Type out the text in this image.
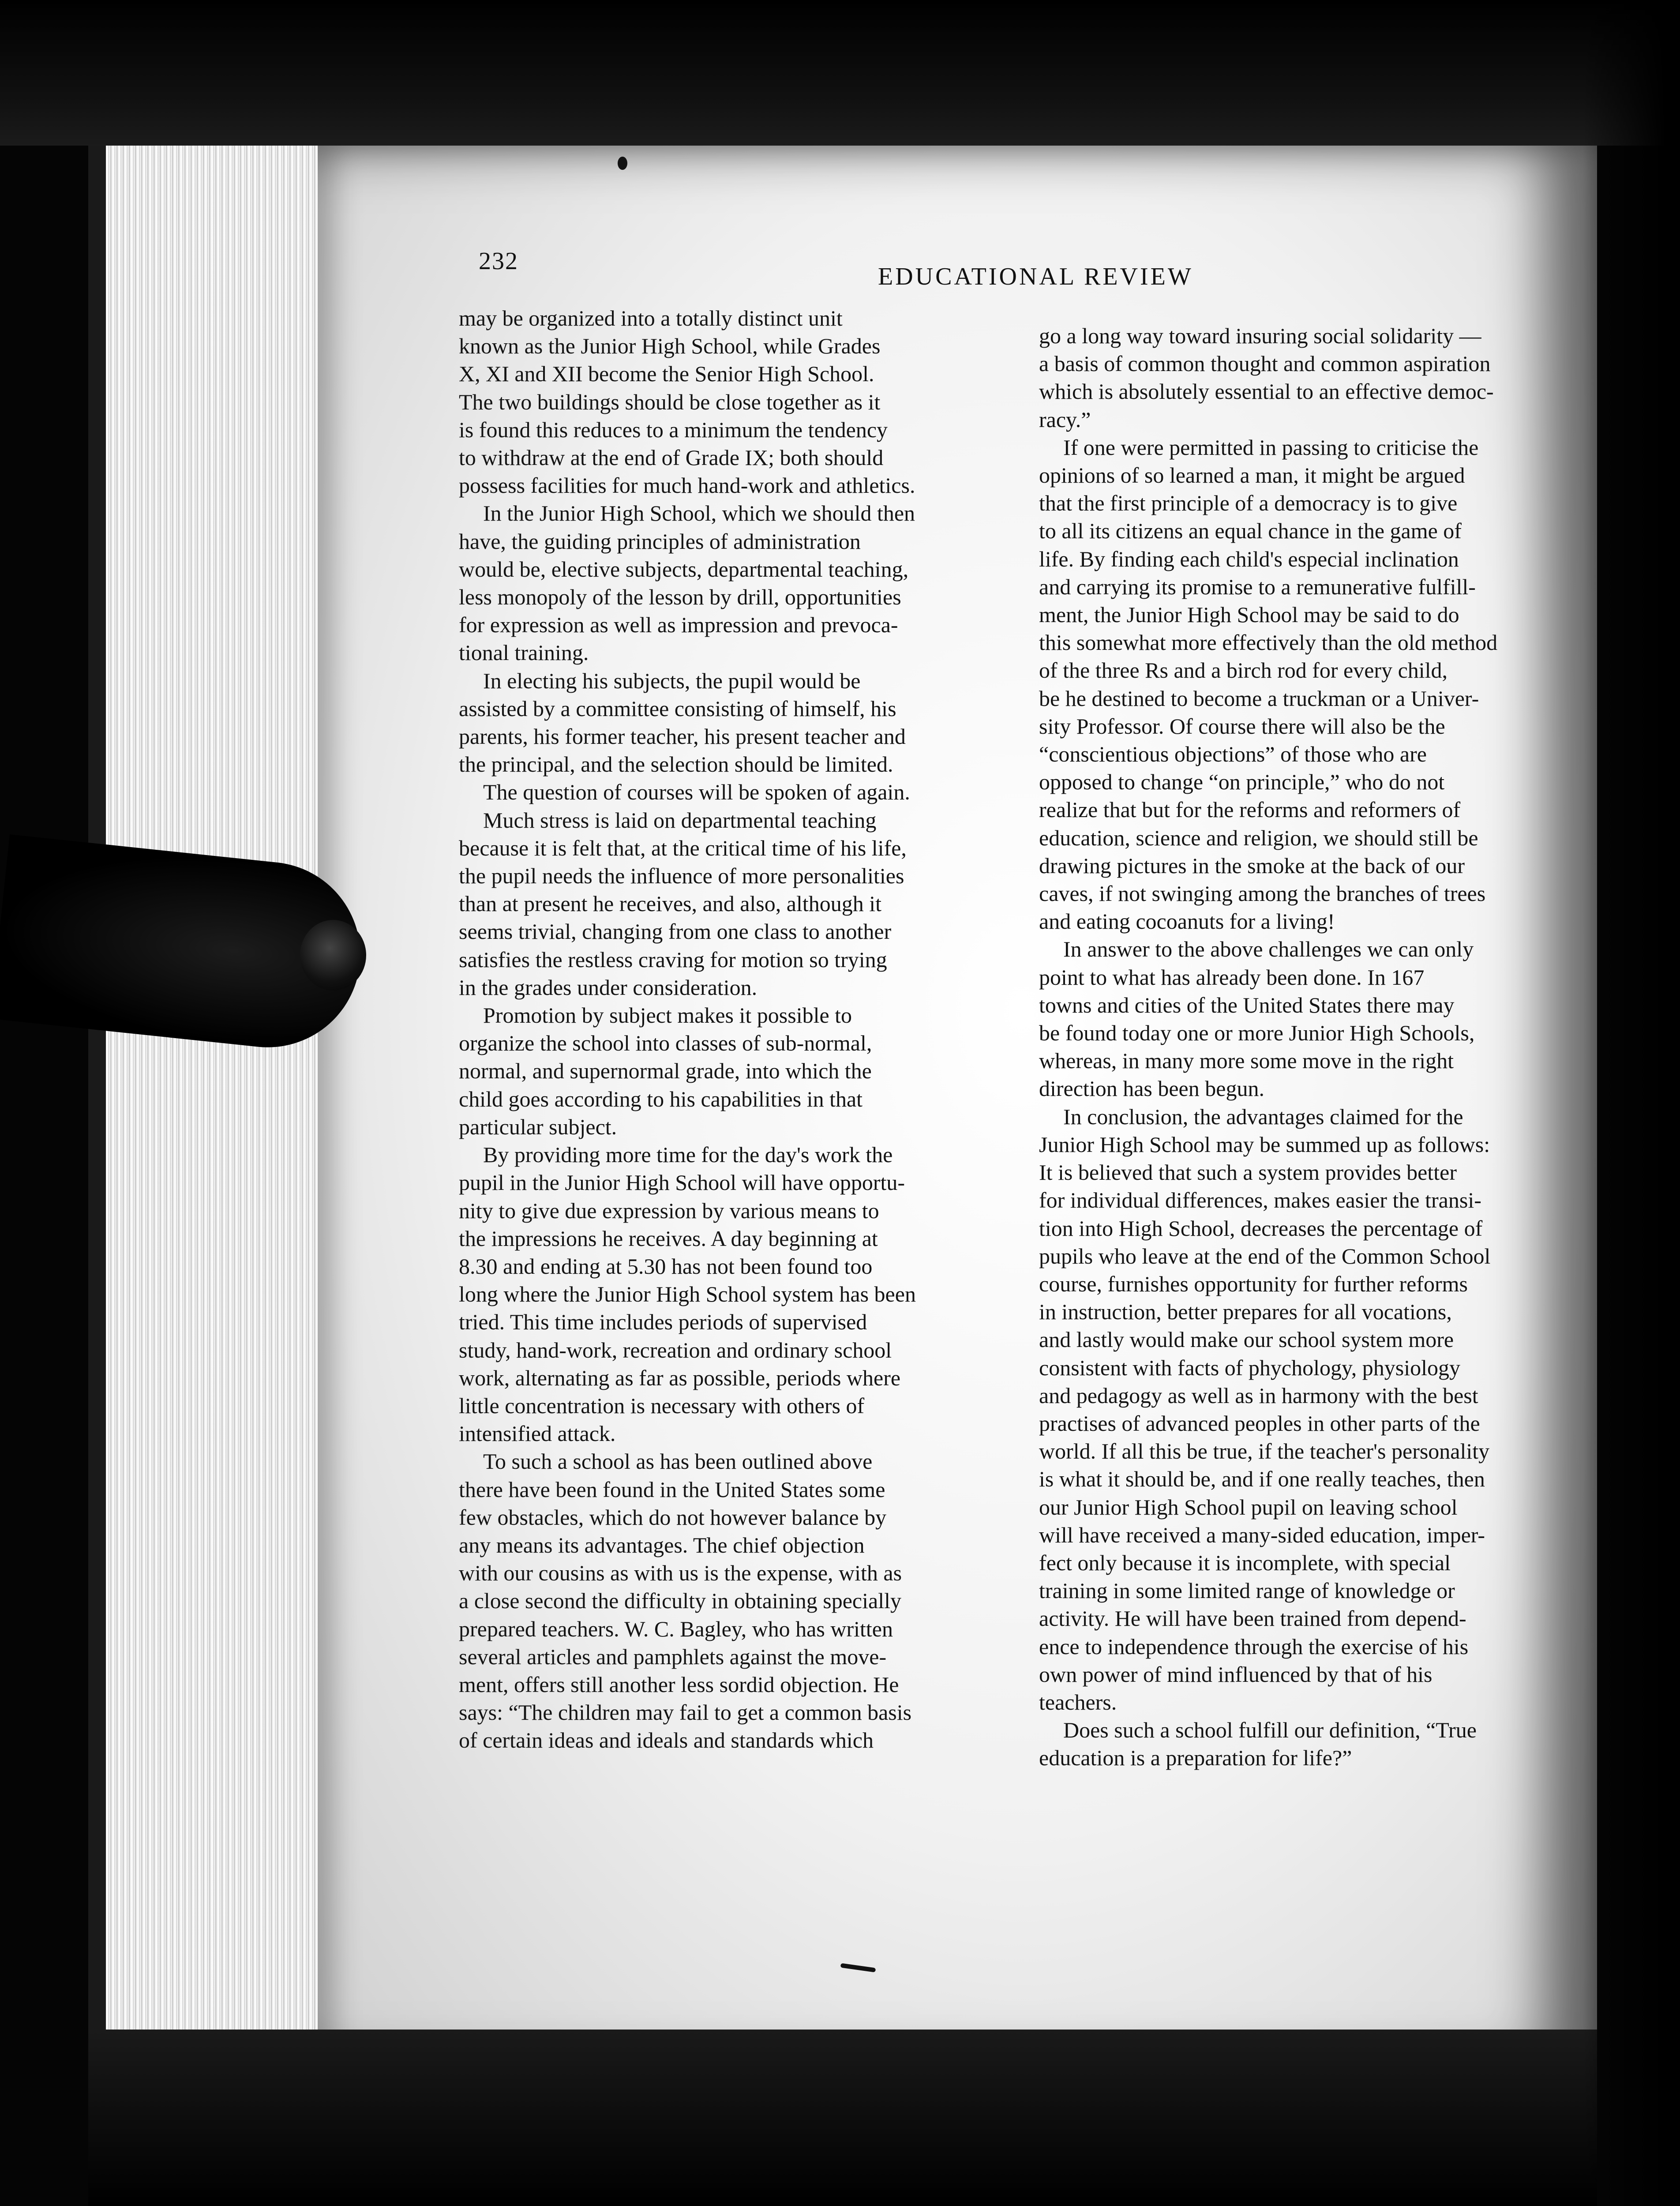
232
EDUCATIONAL REVIEW

may be organized into a totally distinct unit
known as the Junior High School, while Grades
X, XI and XII become the Senior High School.
The two buildings should be close together as it
is found this reduces to a minimum the tendency
to withdraw at the end of Grade IX; both should
possess facilities for much hand-work and athletics.

In the Junior High School, which we should then
have, the guiding principles of administration
would be, elective subjects, departmental teaching,
less monopoly of the lesson by drill, opportunities
for expression as well as impression and prevoca-
tional training.

In electing his subjects, the pupil would be
assisted by a committee consisting of himself, his
parents, his former teacher, his present teacher and
the principal, and the selection should be limited.

The question of courses will be spoken of again.

Much stress is laid on departmental teaching
because it is felt that, at the critical time of his life,
the pupil needs the influence of more personalities
than at present he receives, and also, although it
seems trivial, changing from one class to another
satisfies the restless craving for motion so trying
in the grades under consideration.

Promotion by subject makes it possible to
organize the school into classes of sub-normal,
normal, and supernormal grade, into which the
child goes according to his capabilities in that
particular subject.

By providing more time for the day's work the
pupil in the Junior High School will have opportu-
nity to give due expression by various means to
the impressions he receives. A day beginning at
8.30 and ending at 5.30 has not been found too
long where the Junior High School system has been
tried. This time includes periods of supervised
study, hand-work, recreation and ordinary school
work, alternating as far as possible, periods where
little concentration is necessary with others of
intensified attack.

To such a school as has been outlined above
there have been found in the United States some
few obstacles, which do not however balance by
any means its advantages. The chief objection
with our cousins as with us is the expense, with as
a close second the difficulty in obtaining specially
prepared teachers. W. C. Bagley, who has written
several articles and pamphlets against the move-
ment, offers still another less sordid objection. He
says: “The children may fail to get a common basis
of certain ideas and ideals and standards which

go a long way toward insuring social solidarity —
a basis of common thought and common aspiration
which is absolutely essential to an effective democ-
racy.”

If one were permitted in passing to criticise the
opinions of so learned a man, it might be argued
that the first principle of a democracy is to give
to all its citizens an equal chance in the game of
life. By finding each child's especial inclination
and carrying its promise to a remunerative fulfill-
ment, the Junior High School may be said to do
this somewhat more effectively than the old method
of the three Rs and a birch rod for every child,
be he destined to become a truckman or a Univer-
sity Professor. Of course there will also be the
“conscientious objections” of those who are
opposed to change “on principle,” who do not
realize that but for the reforms and reformers of
education, science and religion, we should still be
drawing pictures in the smoke at the back of our
caves, if not swinging among the branches of trees
and eating cocoanuts for a living!

In answer to the above challenges we can only
point to what has already been done. In 167
towns and cities of the United States there may
be found today one or more Junior High Schools,
whereas, in many more some move in the right
direction has been begun.

In conclusion, the advantages claimed for the
Junior High School may be summed up as follows:
It is believed that such a system provides better
for individual differences, makes easier the transi-
tion into High School, decreases the percentage of
pupils who leave at the end of the Common School
course, furnishes opportunity for further reforms
in instruction, better prepares for all vocations,
and lastly would make our school system more
consistent with facts of phychology, physiology
and pedagogy as well as in harmony with the best
practises of advanced peoples in other parts of the
world. If all this be true, if the teacher's personality
is what it should be, and if one really teaches, then
our Junior High School pupil on leaving school
will have received a many-sided education, imper-
fect only because it is incomplete, with special
training in some limited range of knowledge or
activity. He will have been trained from depend-
ence to independence through the exercise of his
own power of mind influenced by that of his
teachers.

Does such a school fulfill our definition, “True
education is a preparation for life?”
